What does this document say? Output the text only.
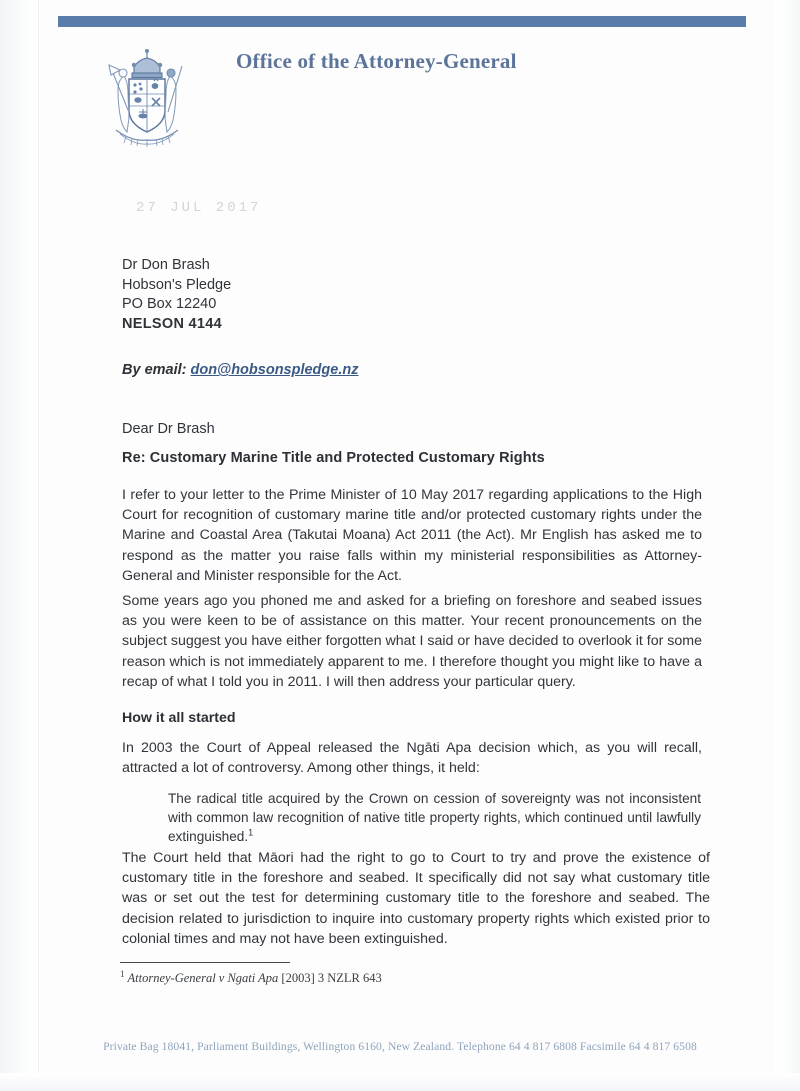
Office of the Attorney-General
27 JUL 2017
Dr Don Brash
Hobson's Pledge
PO Box 12240
NELSON 4144
By email: don@hobsonspledge.nz
Dear Dr Brash
Re: Customary Marine Title and Protected Customary Rights
I refer to your letter to the Prime Minister of 10 May 2017 regarding applications to the High Court for recognition of customary marine title and/or protected customary rights under the Marine and Coastal Area (Takutai Moana) Act 2011 (the Act). Mr English has asked me to respond as the matter you raise falls within my ministerial responsibilities as Attorney-General and Minister responsible for the Act.
Some years ago you phoned me and asked for a briefing on foreshore and seabed issues as you were keen to be of assistance on this matter. Your recent pronouncements on the subject suggest you have either forgotten what I said or have decided to overlook it for some reason which is not immediately apparent to me. I therefore thought you might like to have a recap of what I told you in 2011. I will then address your particular query.
How it all started
In 2003 the Court of Appeal released the Ngāti Apa decision which, as you will recall, attracted a lot of controversy. Among other things, it held:
The radical title acquired by the Crown on cession of sovereignty was not inconsistent with common law recognition of native title property rights, which continued until lawfully extinguished.$^1$
The Court held that Māori had the right to go to Court to try and prove the existence of customary title in the foreshore and seabed. It specifically did not say what customary title was or set out the test for determining customary title to the foreshore and seabed. The decision related to jurisdiction to inquire into customary property rights which existed prior to colonial times and may not have been extinguished.
$^1$ Attorney-General v Ngati Apa [2003] 3 NZLR 643
Private Bag 18041, Parliament Buildings, Wellington 6160, New Zealand. Telephone 64 4 817 6808 Facsimile 64 4 817 6508
